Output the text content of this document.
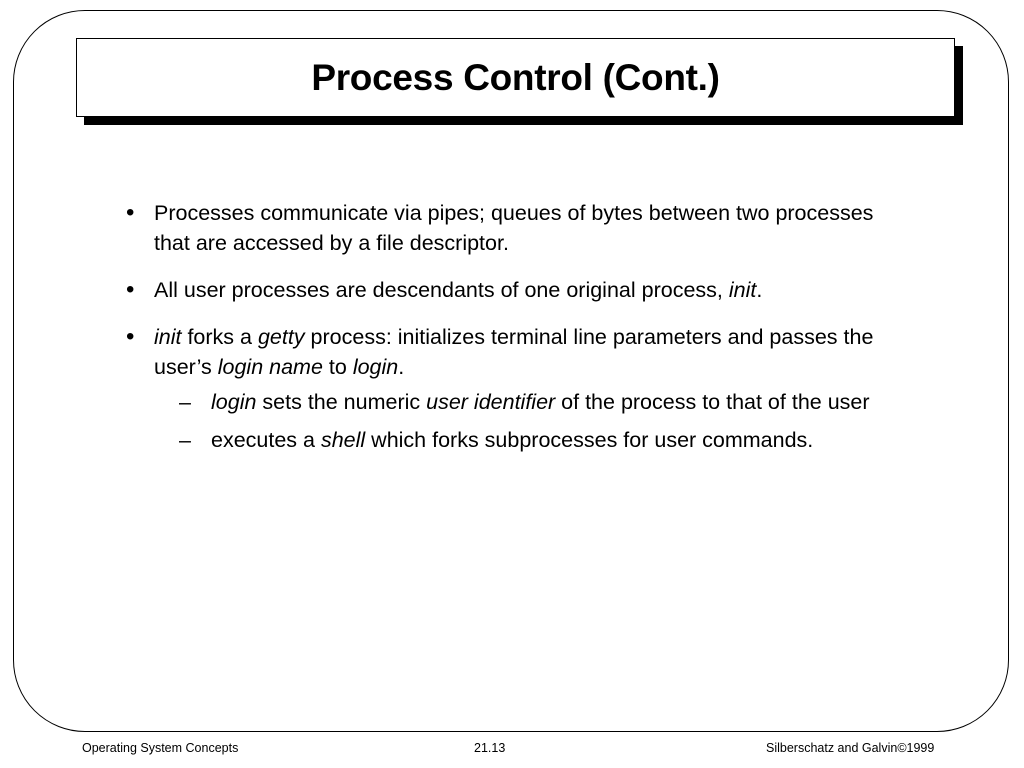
Process Control (Cont.)
• Processes communicate via pipes; queues of bytes between two processes that are accessed by a file descriptor.
• All user processes are descendants of one original process, init.
• init forks a getty process: initializes terminal line parameters and passes the user’s login name to login.
– login sets the numeric user identifier of the process to that of the user
– executes a shell which forks subprocesses for user commands.
Operating System Concepts	21.13	Silberschatz and Galvin©1999
